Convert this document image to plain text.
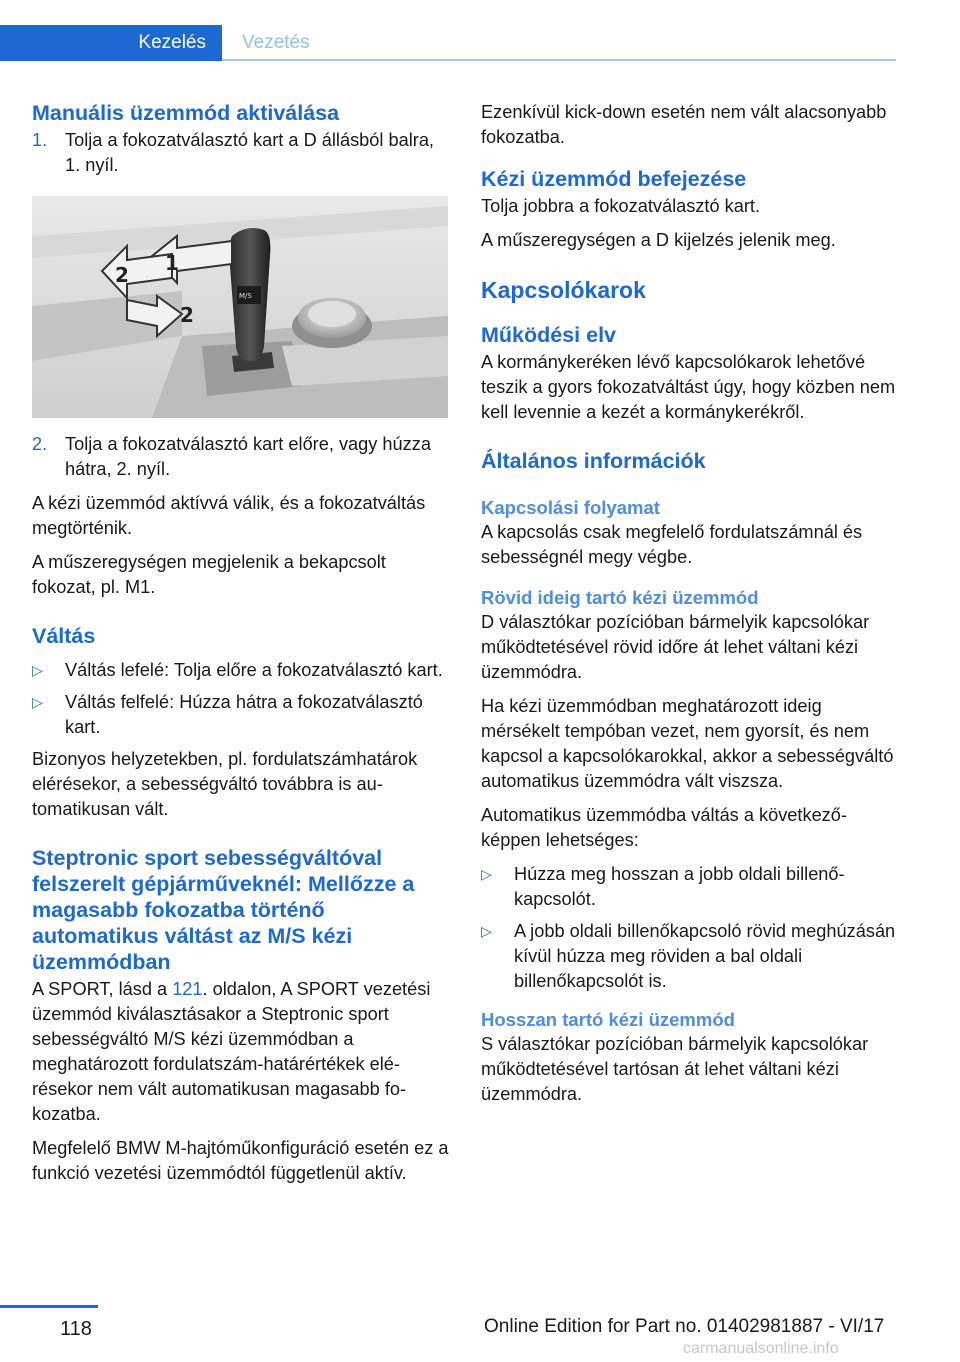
Kezelés	Vezetés
Manuális üzemmód aktiválása
1. Tolja a fokozatválasztó kart a D állásból balra, 1. nyíl.
M/S
1
2
2
2. Tolja a fokozatválasztó kart előre, vagy húzza hátra, 2. nyíl.

A kézi üzemmód aktívvá válik, és a fokozatváltás megtörténik.

A műszeregységen megjelenik a bekapcsolt fokozat, pl. M1.

Váltás
▷	Váltás lefelé: Tolja előre a fokozatválasztó kart.
▷	Váltás felfelé: Húzza hátra a fokozatválasztó kart.

Bizonyos helyzetekben, pl. fordulatszámhatárok elérésekor, a sebességváltó továbbra is automatikusan vált.

Steptronic sport sebességváltóval felszerelt gépjárműveknél: Mellőzze a magasabb fokozatba történő automatikus váltást az M/S kézi üzemmódban

A SPORT, lásd a 121. oldalon, A SPORT vezetési üzemmód kiválasztásakor a Steptronic sport sebességváltó M/S kézi üzemmódban a meghatározott fordulatszám-határértékek elérésekor nem vált automatikusan magasabb fokozatba.

Megfelelő BMW M-hajtóműkonfiguráció esetén ez a funkció vezetési üzemmódtól függetlenül aktív.

Ezenkívül kick-down esetén nem vált alacsonyabb fokozatba.

Kézi üzemmód befejezése

Tolja jobbra a fokozatválasztó kart.

A műszeregységen a D kijelzés jelenik meg.

Kapcsolókarok
Működési elv

A kormánykeréken lévő kapcsolókarok lehetővé teszik a gyors fokozatváltást úgy, hogy közben nem kell levennie a kezét a kormánykerékről.

Általános információk
Kapcsolási folyamat

A kapcsolás csak megfelelő fordulatszámnál és sebességnél megy végbe.

Rövid ideig tartó kézi üzemmód

D választókar pozícióban bármelyik kapcsolókar működtetésével rövid időre át lehet váltani kézi üzemmódra.

Ha kézi üzemmódban meghatározott ideig mérsékelt tempóban vezet, nem gyorsít, és nem kapcsol a kapcsolókarokkal, akkor a sebességváltó automatikus üzemmódra vált viszsza.

Automatikus üzemmódba váltás a következőképpen lehetséges:

▷	Húzza meg hosszan a jobb oldali billenőkapcsolót.
▷	A jobb oldali billenőkapcsoló rövid meghúzásán kívül húzza meg röviden a bal oldali billenőkapcsolót is.
Hosszan tartó kézi üzemmód

S választókar pozícióban bármelyik kapcsolókar működtetésével tartósan át lehet váltani kézi üzemmódra.

118	Online Edition for Part no. 01402981887 - VI/17
carmanualsonline.info
